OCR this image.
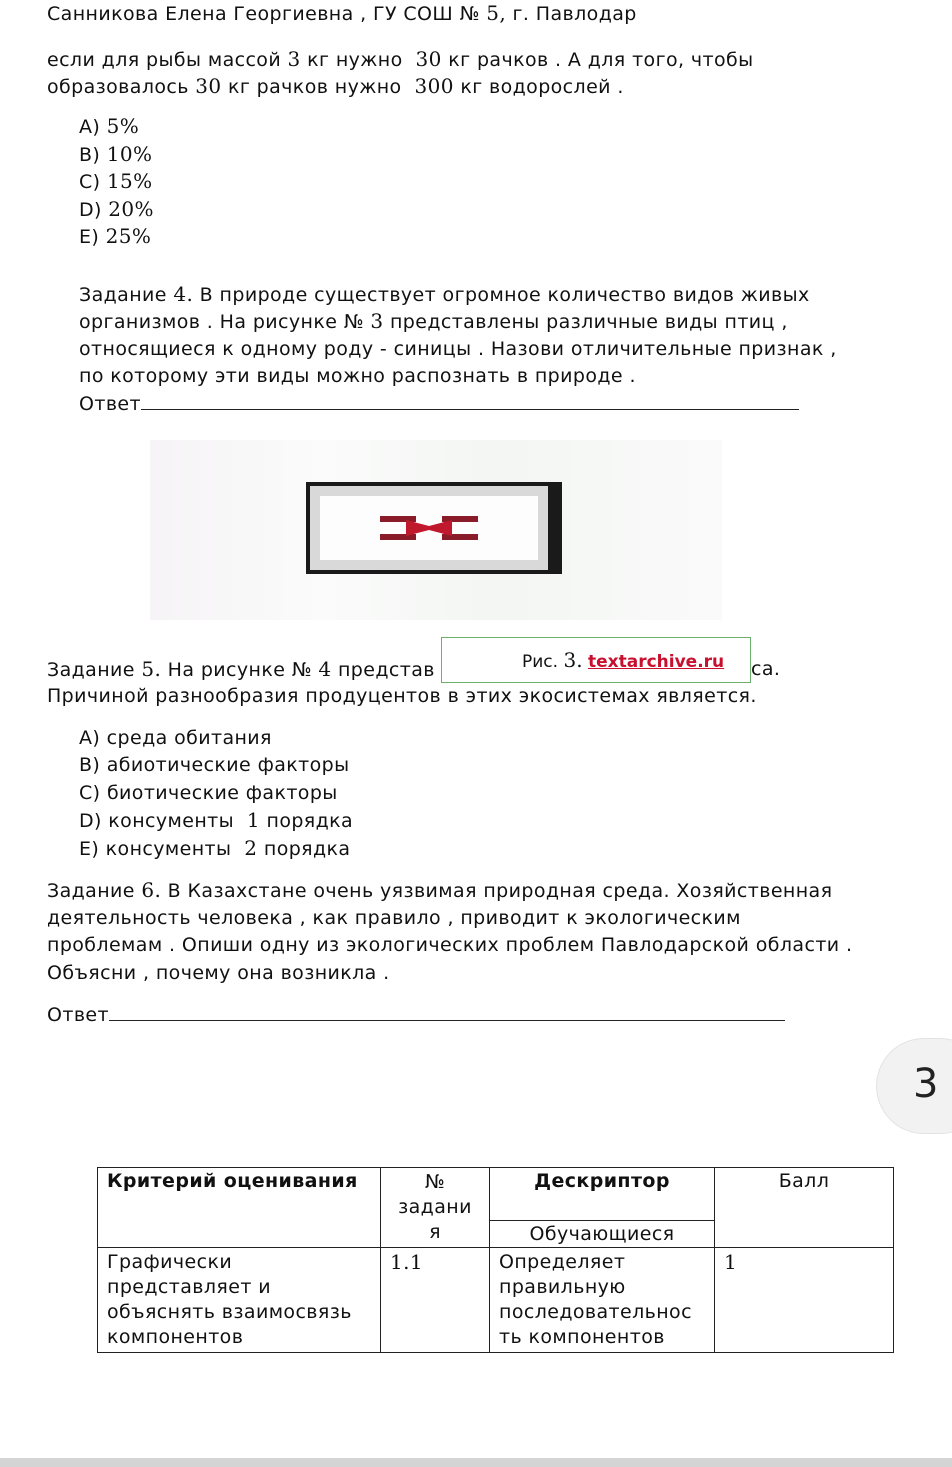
Санникова Елена Георгиевна , ГУ СОШ № 5, г. Павлодар
если для рыбы массой 3 кг нужно 30 кг рачков . А для того, чтобы
образовалось 30 кг рачков нужно 300 кг водорослей .
A) 5%
B) 10%
C) 15%
D) 20%
E) 25%
Задание 4. В природе существует огромное количество видов живых
организмов . На рисунке № 3 представлены различные виды птиц ,
относящиеся к одному роду - синицы . Назови отличительные признак ,
по которому эти виды можно распознать в природе .
Ответ
Задание 5. На рисунке № 4 представ	са.
Рис. 3. textarchive.ru
Причиной разнообразия продуцентов в этих экосистемах является.
A) среда обитания
B) абиотические факторы
C) биотические факторы
D) консументы 1 порядка
E) консументы 2 порядка
Задание 6. В Казахстане очень уязвимая природная среда. Хозяйственная
деятельность человека , как правило , приводит к экологическим
проблемам . Опиши одну из экологических проблем Павлодарской области .
Объясни , почему она возникла .
Ответ
3
Критерий оценивания	№ задани я	Дескриптор	Балл
		Обучающиеся	
Графически представляет и объяснять взаимосвязь компонентов	1.1	Определяет правильную последовательнос ть компонентов	1
